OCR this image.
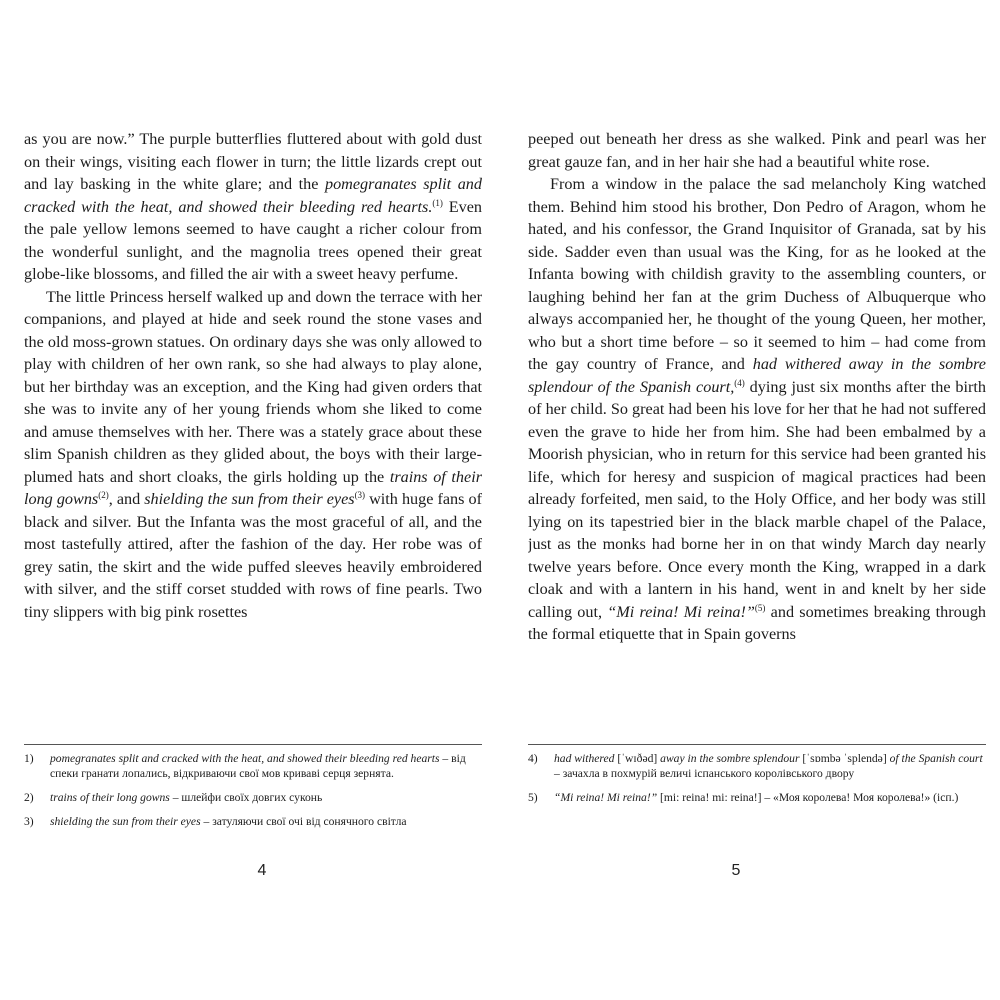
as you are now.” The purple butterflies fluttered about with gold dust on their wings, visiting each flower in turn; the little lizards crept out and lay basking in the white glare; and the pomegranates split and cracked with the heat, and showed their bleeding red hearts.$^{(1)}$ Even the pale yellow lemons seemed to have caught a richer colour from the wonderful sunlight, and the magnolia trees opened their great globe-like blossoms, and filled the air with a sweet heavy perfume.

The little Princess herself walked up and down the terrace with her companions, and played at hide and seek round the stone vases and the old moss-grown statues. On ordinary days she was only allowed to play with children of her own rank, so she had always to play alone, but her birthday was an exception, and the King had given orders that she was to invite any of her young friends whom she liked to come and amuse themselves with her. There was a stately grace about these slim Spanish children as they glided about, the boys with their large-plumed hats and short cloaks, the girls holding up the trains of their long gowns$^{(2)}$, and shielding the sun from their eyes$^{(3)}$ with huge fans of black and silver. But the Infanta was the most graceful of all, and the most tastefully attired, after the fashion of the day. Her robe was of grey satin, the skirt and the wide puffed sleeves heavily embroidered with silver, and the stiff corset studded with rows of fine pearls. Two tiny slippers with big pink rosettes

1) pomegranates split and cracked with the heat, and showed their bleeding red hearts – від спеки гранати лопались, відкриваючи свої мов криваві серця зернята.
2) trains of their long gowns – шлейфи своїх довгих суконь
3) shielding the sun from their eyes – затуляючи свої очі від сонячного світла

peeped out beneath her dress as she walked. Pink and pearl was her great gauze fan, and in her hair she had a beautiful white rose.

From a window in the palace the sad melancholy King watched them. Behind him stood his brother, Don Pedro of Aragon, whom he hated, and his confessor, the Grand Inquisitor of Granada, sat by his side. Sadder even than usual was the King, for as he looked at the Infanta bowing with childish gravity to the assembling counters, or laughing behind her fan at the grim Duchess of Albuquerque who always accompanied her, he thought of the young Queen, her mother, who but a short time before – so it seemed to him – had come from the gay country of France, and had withered away in the sombre splendour of the Spanish court,$^{(4)}$ dying just six months after the birth of her child. So great had been his love for her that he had not suffered even the grave to hide her from him. She had been embalmed by a Moorish physician, who in return for this service had been granted his life, which for heresy and suspicion of magical practices had been already forfeited, men said, to the Holy Office, and her body was still lying on its tapestried bier in the black marble chapel of the Palace, just as the monks had borne her in on that windy March day nearly twelve years before. Once every month the King, wrapped in a dark cloak and with a lantern in his hand, went in and knelt by her side calling out, “Mi reina! Mi reina!”$^{(5)}$ and sometimes breaking through the formal etiquette that in Spain governs

4) had withered [ˈwɪðəd] away in the sombre splendour [ˈsɒmbə ˈsplendə] of the Spanish court – зачахла в похмурій величі іспанського королівського двору
5) “Mi reina! Mi reina!” [mi: reina! mi: reina!] – «Моя королева! Моя королева!» (ісп.)
4	5
